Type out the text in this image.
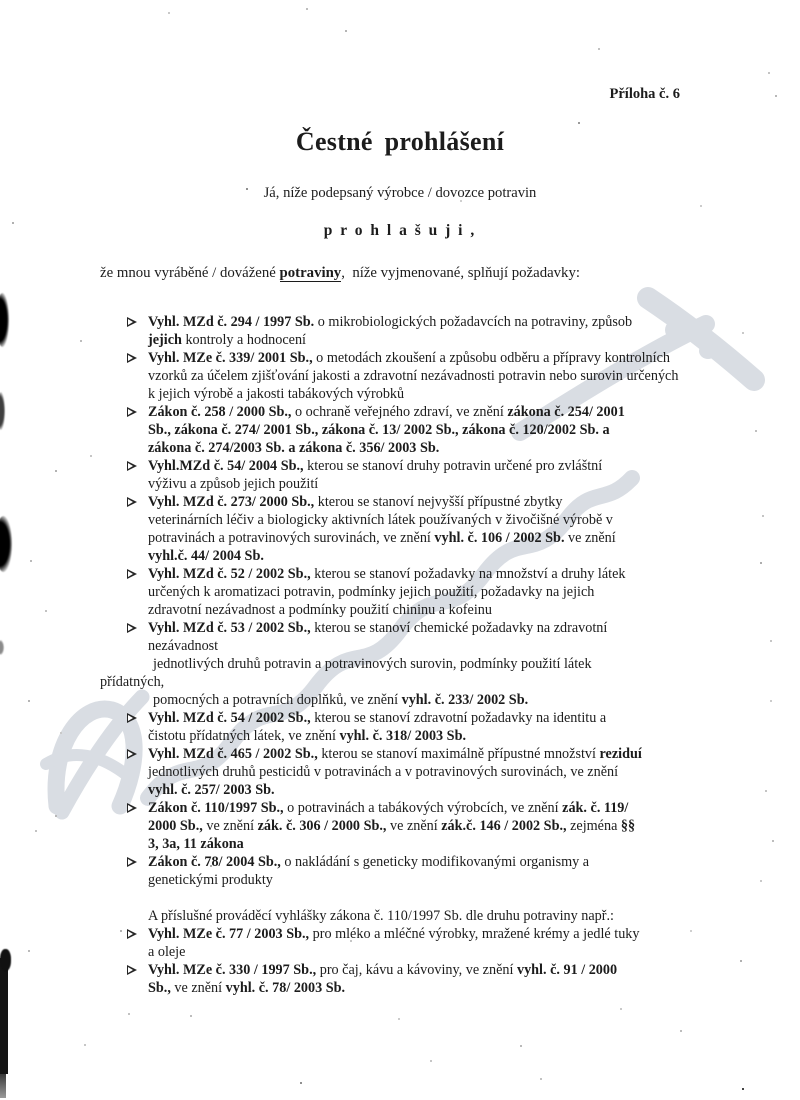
Příloha č. 6
Čestné prohlášení
Já, níže podepsaný výrobce / dovozce potravin
p r o h l a š u j i ,
že mnou vyráběné / dovážené potraviny,  níže vyjmenované, splňují požadavky:
Vyhl. MZd č. 294 / 1997 Sb. o mikrobiologických požadavcích na potraviny, způsob
jejich kontroly a hodnocení
Vyhl. MZe č. 339/ 2001 Sb., o metodách zkoušení a způsobu odběru a přípravy kontrolních
vzorků za účelem zjišťování jakosti a zdravotní nezávadnosti potravin nebo surovin určených
k jejich výrobě a jakosti tabákových výrobků
Zákon č. 258 / 2000 Sb., o ochraně veřejného zdraví, ve znění zákona č. 254/ 2001
Sb., zákona č. 274/ 2001 Sb., zákona č. 13/ 2002 Sb., zákona č. 120/2002 Sb. a
zákona č. 274/2003 Sb. a zákona č. 356/ 2003 Sb.
Vyhl.MZd č. 54/ 2004 Sb., kterou se stanoví druhy potravin určené pro zvláštní
výživu a způsob jejich použití
Vyhl. MZd č. 273/ 2000 Sb., kterou se stanoví nejvyšší přípustné zbytky
veterinárních léčiv a biologicky aktivních látek používaných v živočišné výrobě v
potravinách a potravinových surovinách, ve znění vyhl. č. 106 / 2002 Sb. ve znění
vyhl.č. 44/ 2004 Sb.
Vyhl. MZd č. 52 / 2002 Sb., kterou se stanoví požadavky na množství a druhy látek
určených k aromatizaci potravin, podmínky jejich použití, požadavky na jejich
zdravotní nezávadnost a podmínky použití chininu a kofeinu
Vyhl. MZd č. 53 / 2002 Sb., kterou se stanoví chemické požadavky na zdravotní
nezávadnost
jednotlivých druhů potravin a potravinových surovin, podmínky použití látek
přídatných,
pomocných a potravních doplňků, ve znění vyhl. č. 233/ 2002 Sb.
Vyhl. MZd č. 54 / 2002 Sb., kterou se stanoví zdravotní požadavky na identitu a
čistotu přídatných látek, ve znění vyhl. č. 318/ 2003 Sb.
Vyhl. MZd č. 465 / 2002 Sb., kterou se stanoví maximálně přípustné množství reziduí
jednotlivých druhů pesticidů v potravinách a v potravinových surovinách, ve znění
vyhl. č. 257/ 2003 Sb.
Zákon č. 110/1997 Sb., o potravinách a tabákových výrobcích, ve znění zák. č. 119/
2000 Sb., ve znění zák. č. 306 / 2000 Sb., ve znění zák.č. 146 / 2002 Sb., zejména §§
3, 3a, 11 zákona
Zákon č. 78/ 2004 Sb., o nakládání s geneticky modifikovanými organismy a
genetickými produkty
A příslušné prováděcí vyhlášky zákona č. 110/1997 Sb. dle druhu potraviny např.:
Vyhl. MZe č. 77 / 2003 Sb., pro mléko a mléčné výrobky, mražené krémy a jedlé tuky
a oleje
Vyhl. MZe č. 330 / 1997 Sb., pro čaj, kávu a kávoviny, ve znění vyhl. č. 91 / 2000
Sb., ve znění vyhl. č. 78/ 2003 Sb.
